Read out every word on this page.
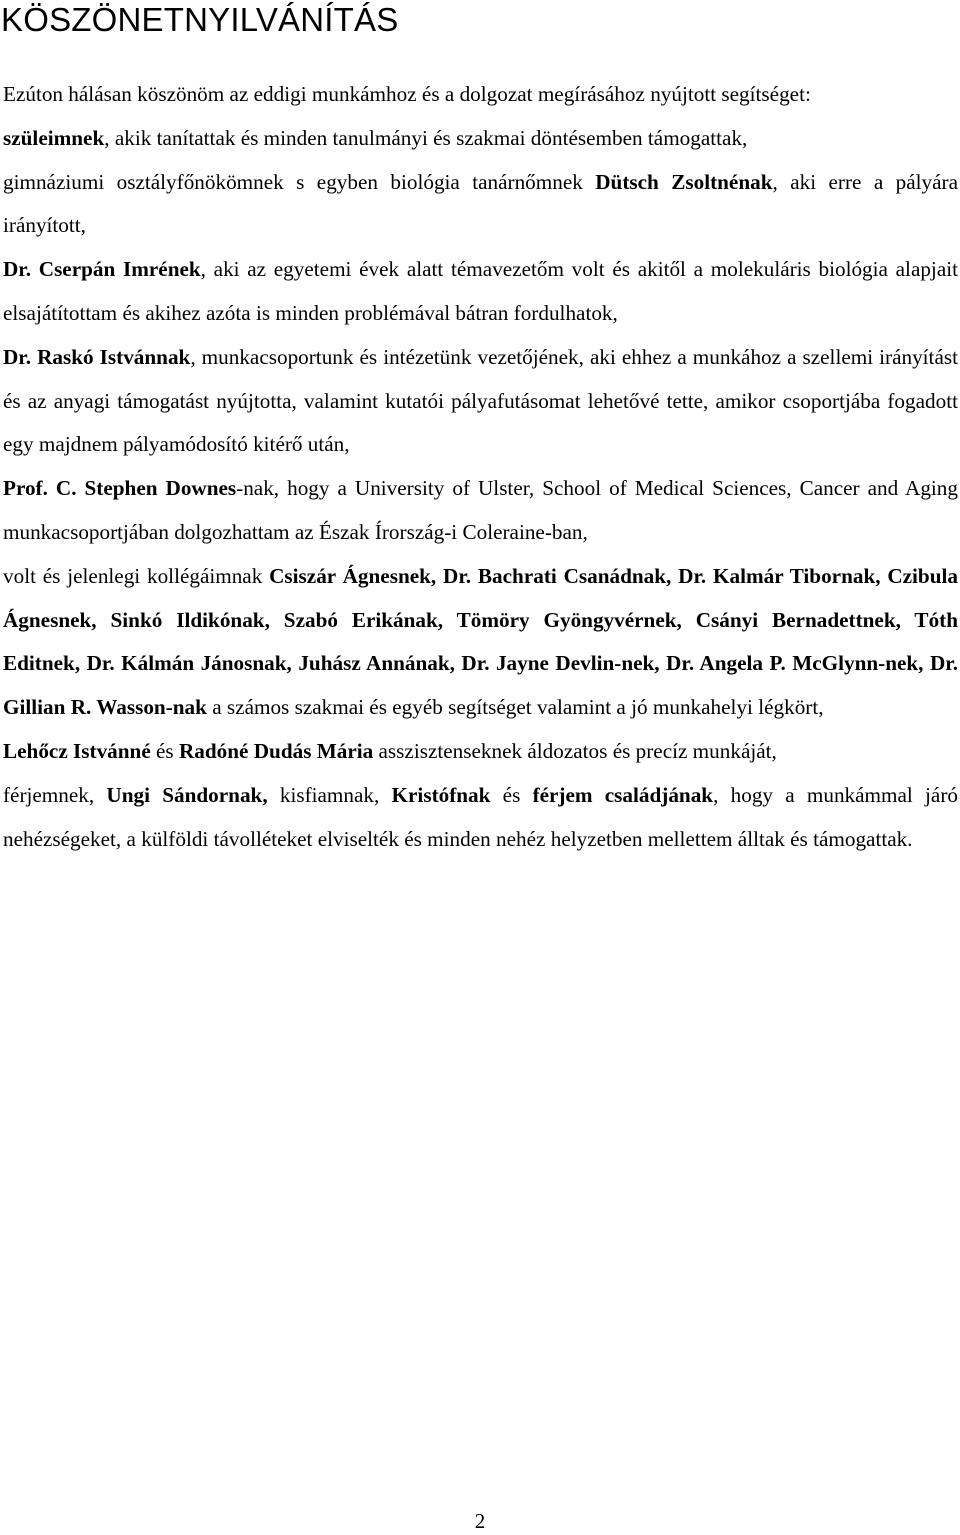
KÖSZÖNETNYILVÁNÍTÁS

Ezúton hálásan köszönöm az eddigi munkámhoz és a dolgozat megírásához nyújtott segítséget:

szüleimnek, akik tanítattak és minden tanulmányi és szakmai döntésemben támogattak,

gimnáziumi osztályfőnökömnek s egyben biológia tanárnőmnek Dütsch Zsoltnénak, aki erre a pályára irányított,

Dr. Cserpán Imrének, aki az egyetemi évek alatt témavezetőm volt és akitől a molekuláris biológia alapjait elsajátítottam és akihez azóta is minden problémával bátran fordulhatok,

Dr. Raskó Istvánnak, munkacsoportunk és intézetünk vezetőjének, aki ehhez a munkához a szellemi irányítást és az anyagi támogatást nyújtotta, valamint kutatói pályafutásomat lehetővé tette, amikor csoportjába fogadott egy majdnem pályamódosító kitérő után,

Prof. C. Stephen Downes-nak, hogy a University of Ulster, School of Medical Sciences, Cancer and Aging munkacsoportjában dolgozhattam az Észak Írország-i Coleraine-ban,

volt és jelenlegi kollégáimnak Csiszár Ágnesnek, Dr. Bachrati Csanádnak, Dr. Kalmár Tibornak, Czibula Ágnesnek, Sinkó Ildikónak, Szabó Erikának, Tömöry Gyöngyvérnek, Csányi Bernadettnek, Tóth Editnek, Dr. Kálmán Jánosnak, Juhász Annának, Dr. Jayne Devlin-nek, Dr. Angela P. McGlynn-nek, Dr. Gillian R. Wasson-nak a számos szakmai és egyéb segítséget valamint a jó munkahelyi légkört,

Lehőcz Istvánné és Radóné Dudás Mária asszisztenseknek áldozatos és precíz munkáját,

férjemnek, Ungi Sándornak, kisfiamnak, Kristófnak és férjem családjának, hogy a munkámmal járó nehézségeket, a külföldi távolléteket elviselték és minden nehéz helyzetben mellettem álltak és támogattak.

2
